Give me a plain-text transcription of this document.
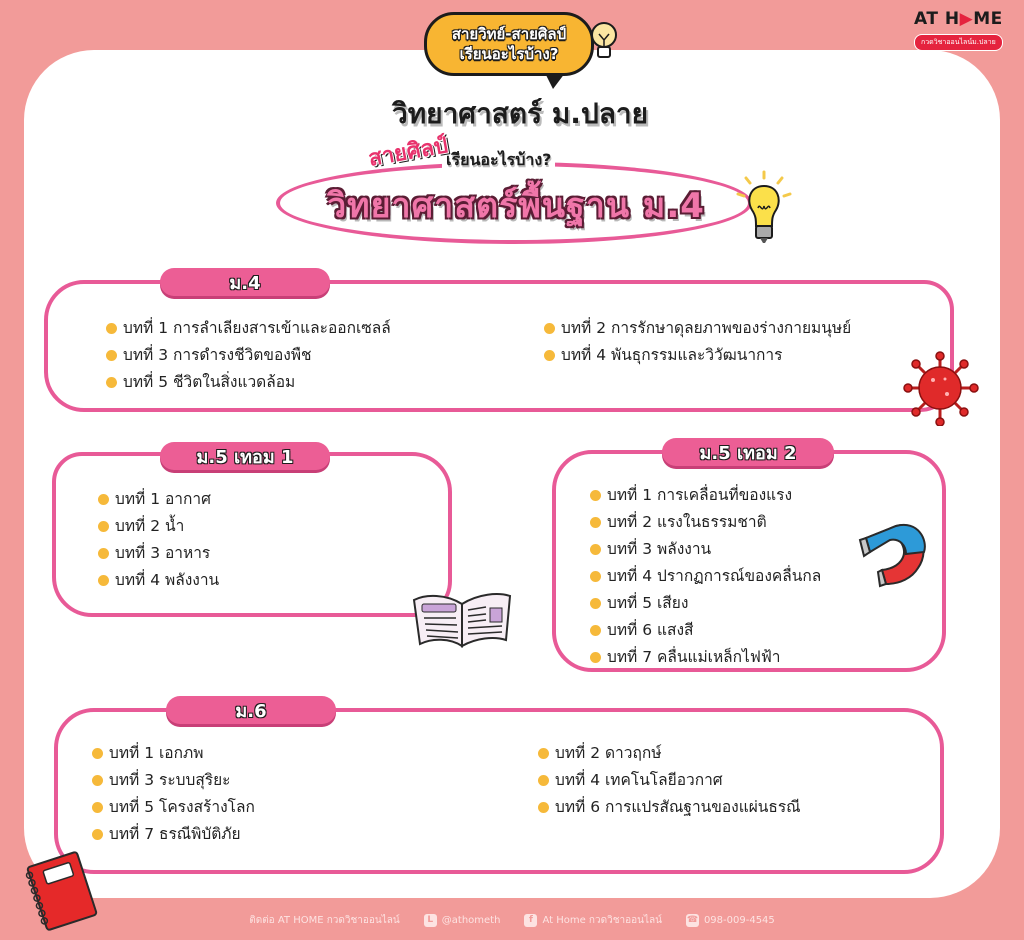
สายวิทย์-สายศิลป์
เรียนอะไรบ้าง?
AT H▶ME
กวดวิชาออนไลน์ม.ปลาย
วิทยาศาสตร์ ม.ปลาย
เรียนอะไรบ้าง?
สายศิลป์
วิทยาศาสตร์พื้นฐาน ม.4
ม.4
บทที่ 1 การลำเลียงสารเข้าและออกเซลล์
บทที่ 3 การดำรงชีวิตของพืช
บทที่ 5 ชีวิตในสิ่งแวดล้อม
บทที่ 2 การรักษาดุลยภาพของร่างกายมนุษย์
บทที่ 4 พันธุกรรมและวิวัฒนาการ
ม.5 เทอม 1
บทที่ 1 อากาศ
บทที่ 2 น้ำ
บทที่ 3 อาหาร
บทที่ 4 พลังงาน
ม.5 เทอม 2
บทที่ 1 การเคลื่อนที่ของแรง
บทที่ 2 แรงในธรรมชาติ
บทที่ 3 พลังงาน
บทที่ 4 ปรากฏการณ์ของคลื่นกล
บทที่ 5 เสียง
บทที่ 6 แสงสี
บทที่ 7 คลื่นแม่เหล็กไฟฟ้า
ม.6
บทที่ 1 เอกภพ
บทที่ 3 ระบบสุริยะ
บทที่ 5 โครงสร้างโลก
บทที่ 7 ธรณีพิบัติภัย
บทที่ 2 ดาวฤกษ์
บทที่ 4 เทคโนโลยีอวกาศ
บทที่ 6 การแปรสัณฐานของแผ่นธรณี
ติดต่อ AT HOME กวดวิชาออนไลน์	L @athometh	f At Home กวดวิชาออนไลน์	☎ 098-009-4545
